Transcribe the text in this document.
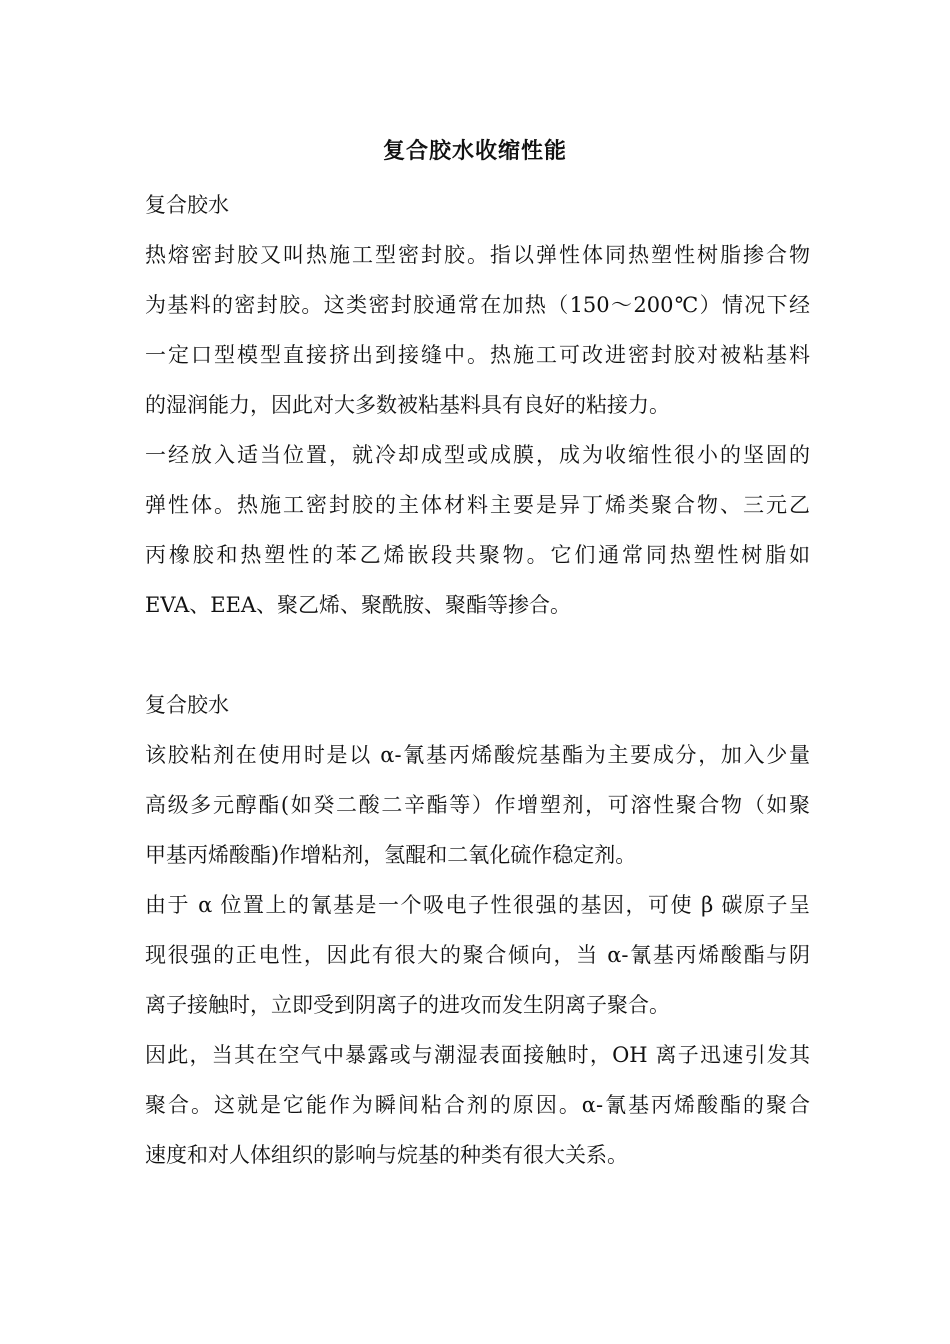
复合胶水收缩性能
复合胶水
热熔密封胶又叫热施工型密封胶。指以弹性体同热塑性树脂掺合物
为基料的密封胶。这类密封胶通常在加热（150～200℃）情况下经
一定口型模型直接挤出到接缝中。热施工可改进密封胶对被粘基料
的湿润能力，因此对大多数被粘基料具有良好的粘接力。
一经放入适当位置，就冷却成型或成膜，成为收缩性很小的坚固的
弹性体。热施工密封胶的主体材料主要是异丁烯类聚合物、三元乙
丙橡胶和热塑性的苯乙烯嵌段共聚物。它们通常同热塑性树脂如
EVA、EEA、聚乙烯、聚酰胺、聚酯等掺合。
复合胶水
该胶粘剂在使用时是以 α-氰基丙烯酸烷基酯为主要成分，加入少量
高级多元醇酯(如癸二酸二辛酯等）作增塑剂，可溶性聚合物（如聚
甲基丙烯酸酯)作增粘剂，氢醌和二氧化硫作稳定剂。
由于 α 位置上的氰基是一个吸电子性很强的基因，可使 β 碳原子呈
现很强的正电性，因此有很大的聚合倾向，当 α-氰基丙烯酸酯与阴
离子接触时，立即受到阴离子的进攻而发生阴离子聚合。
因此，当其在空气中暴露或与潮湿表面接触时，OH 离子迅速引发其
聚合。这就是它能作为瞬间粘合剂的原因。α-氰基丙烯酸酯的聚合
速度和对人体组织的影响与烷基的种类有很大关系。
